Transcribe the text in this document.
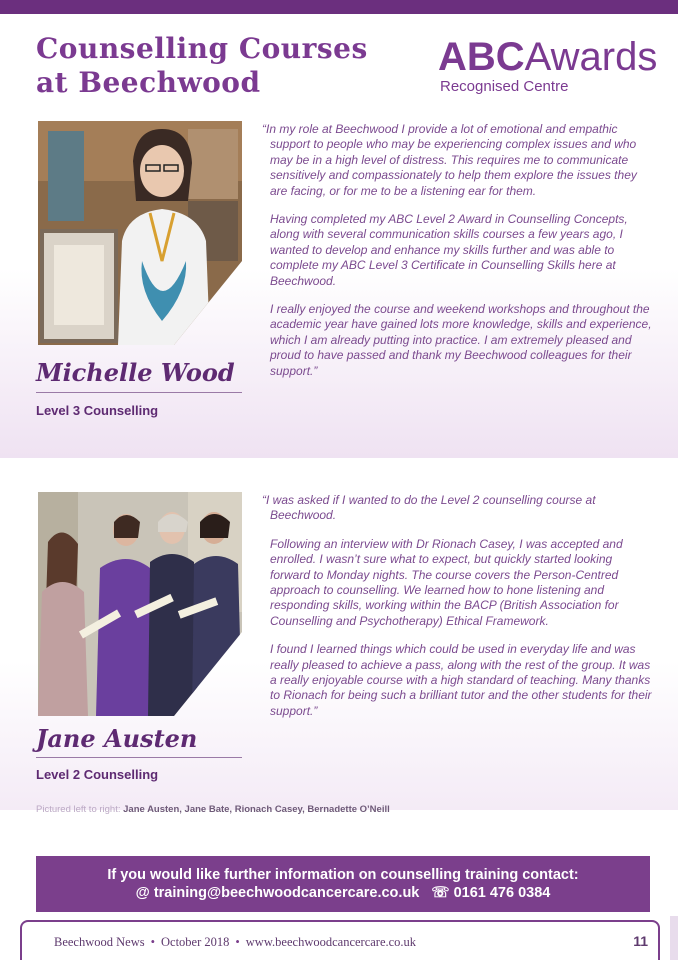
Counselling Courses
at Beechwood
ABCAwards
Recognised Centre
Michelle Wood
Level 3 Counselling

“In my role at Beechwood I provide a lot of emotional and empathic support to people who may be experiencing complex issues and who may be in a high level of distress. This requires me to communicate sensitively and compassionately to help them explore the issues they are facing, or for me to be a listening ear for them.

Having completed my ABC Level 2 Award in Counselling Concepts, along with several communication skills courses a few years ago, I wanted to develop and enhance my skills further and was able to complete my ABC Level 3 Certificate in Counselling Skills here at Beechwood.

I really enjoyed the course and weekend workshops and throughout the academic year have gained lots more knowledge, skills and experience, which I am already putting into practice. I am extremely pleased and proud to have passed and thank my Beechwood colleagues for their support.”

Jane Austen
Level 2 Counselling

“I was asked if I wanted to do the Level 2 counselling course at Beechwood.

Following an interview with Dr Rionach Casey, I was accepted and enrolled. I wasn’t sure what to expect, but quickly started looking forward to Monday nights. The course covers the Person-Centred approach to counselling. We learned how to hone listening and responding skills, working within the BACP (British Association for Counselling and Psychotherapy) Ethical Framework.

I found I learned things which could be used in everyday life and was really pleased to achieve a pass, along with the rest of the group. It was a really enjoyable course with a high standard of teaching. Many thanks to Rionach for being such a brilliant tutor and the other students for their support.”

Pictured left to right: Jane Austen, Jane Bate, Rionach Casey, Bernadette O’Neill
If you would like further information on counselling training contact:
@ training@beechwoodcancercare.co.uk ☏ 0161 476 0384
Beechwood News • October 2018 • www.beechwoodcancercare.co.uk	11
